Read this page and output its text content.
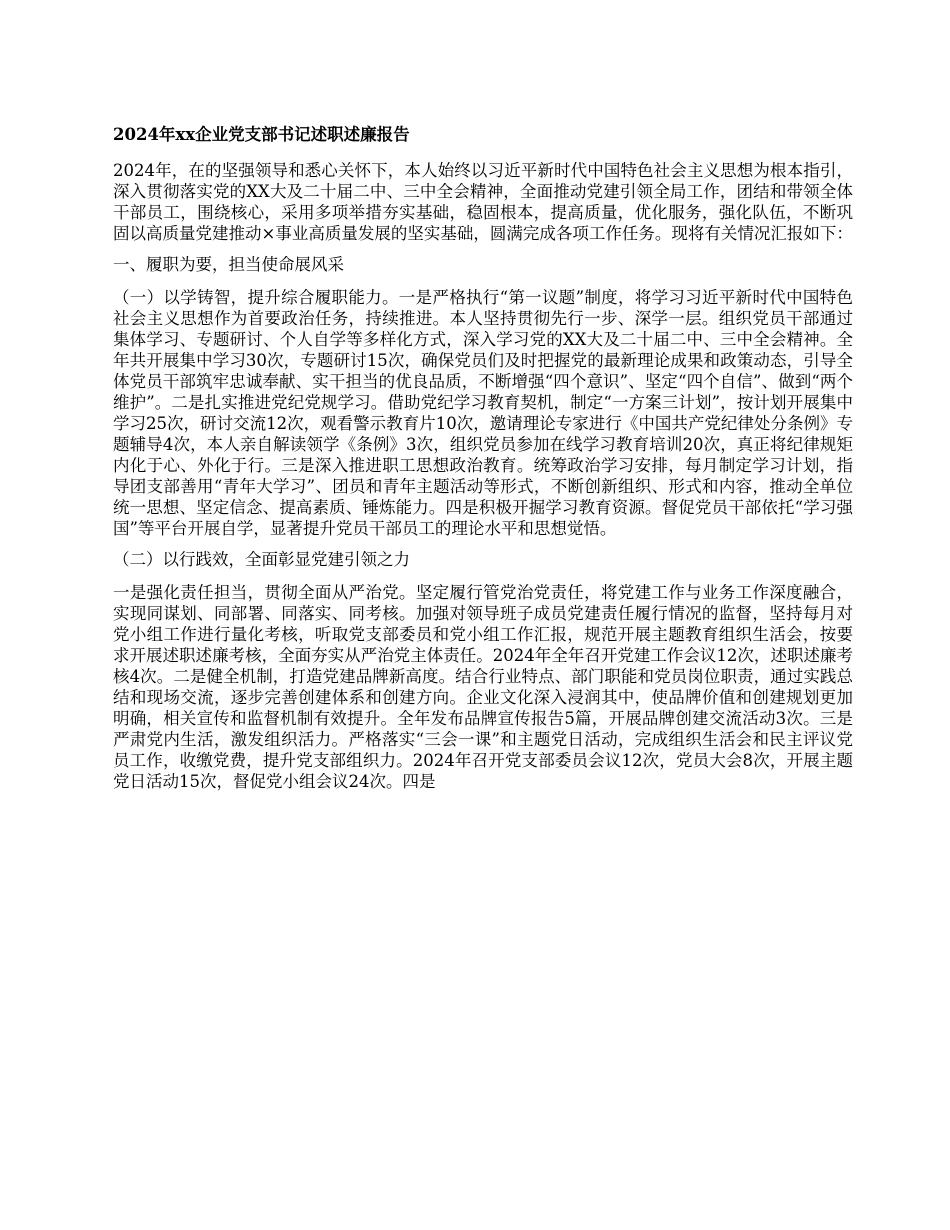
2024年xx企业党支部书记述职述廉报告
2024年，在的坚强领导和悉心关怀下，本人始终以习近平新时代中国特色社会主义思想为根本指引，深入贯彻落实党的XX大及二十届二中、三中全会精神，全面推动党建引领全局工作，团结和带领全体干部员工，围绕核心，采用多项举措夯实基础，稳固根本，提高质量，优化服务，强化队伍，不断巩固以高质量党建推动×事业高质量发展的坚实基础，圆满完成各项工作任务。现将有关情况汇报如下：
一、履职为要，担当使命展风采
（一）以学铸智，提升综合履职能力。一是严格执行“第一议题”制度，将学习习近平新时代中国特色社会主义思想作为首要政治任务，持续推进。本人坚持贯彻先行一步、深学一层。组织党员干部通过集体学习、专题研讨、个人自学等多样化方式，深入学习党的XX大及二十届二中、三中全会精神。全年共开展集中学习30次，专题研讨15次，确保党员们及时把握党的最新理论成果和政策动态，引导全体党员干部筑牢忠诚奉献、实干担当的优良品质，不断增强“四个意识”、坚定“四个自信”、做到“两个维护”。二是扎实推进党纪党规学习。借助党纪学习教育契机，制定“一方案三计划”，按计划开展集中学习25次，研讨交流12次，观看警示教育片10次，邀请理论专家进行《中国共产党纪律处分条例》专题辅导4次，本人亲自解读领学《条例》3次，组织党员参加在线学习教育培训20次，真正将纪律规矩内化于心、外化于行。三是深入推进职工思想政治教育。统筹政治学习安排，每月制定学习计划，指导团支部善用“青年大学习”、团员和青年主题活动等形式，不断创新组织、形式和内容，推动全单位统一思想、坚定信念、提高素质、锤炼能力。四是积极开掘学习教育资源。督促党员干部依托“学习强国”等平台开展自学，显著提升党员干部员工的理论水平和思想觉悟。
（二）以行践效，全面彰显党建引领之力
一是强化责任担当，贯彻全面从严治党。坚定履行管党治党责任，将党建工作与业务工作深度融合，实现同谋划、同部署、同落实、同考核。加强对领导班子成员党建责任履行情况的监督，坚持每月对党小组工作进行量化考核，听取党支部委员和党小组工作汇报，规范开展主题教育组织生活会，按要求开展述职述廉考核，全面夯实从严治党主体责任。2024年全年召开党建工作会议12次，述职述廉考核4次。二是健全机制，打造党建品牌新高度。结合行业特点、部门职能和党员岗位职责，通过实践总结和现场交流，逐步完善创建体系和创建方向。企业文化深入浸润其中，使品牌价值和创建规划更加明确，相关宣传和监督机制有效提升。全年发布品牌宣传报告5篇，开展品牌创建交流活动3次。三是严肃党内生活，激发组织活力。严格落实“三会一课”和主题党日活动，完成组织生活会和民主评议党员工作，收缴党费，提升党支部组织力。2024年召开党支部委员会议12次，党员大会8次，开展主题党日活动15次，督促党小组会议24次。四是
